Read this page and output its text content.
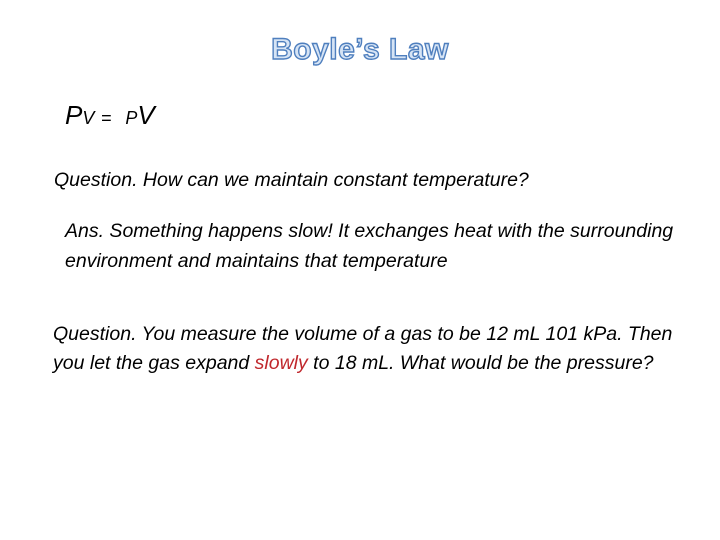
Boyle’s Law
PV = PV
Question. How can we maintain constant temperature?
Ans. Something happens slow! It exchanges heat with the surrounding environment and maintains that temperature
Question. You measure the volume of a gas to be 12 mL 101 kPa. Then you let the gas expand slowly to 18 mL. What would be the pressure?
